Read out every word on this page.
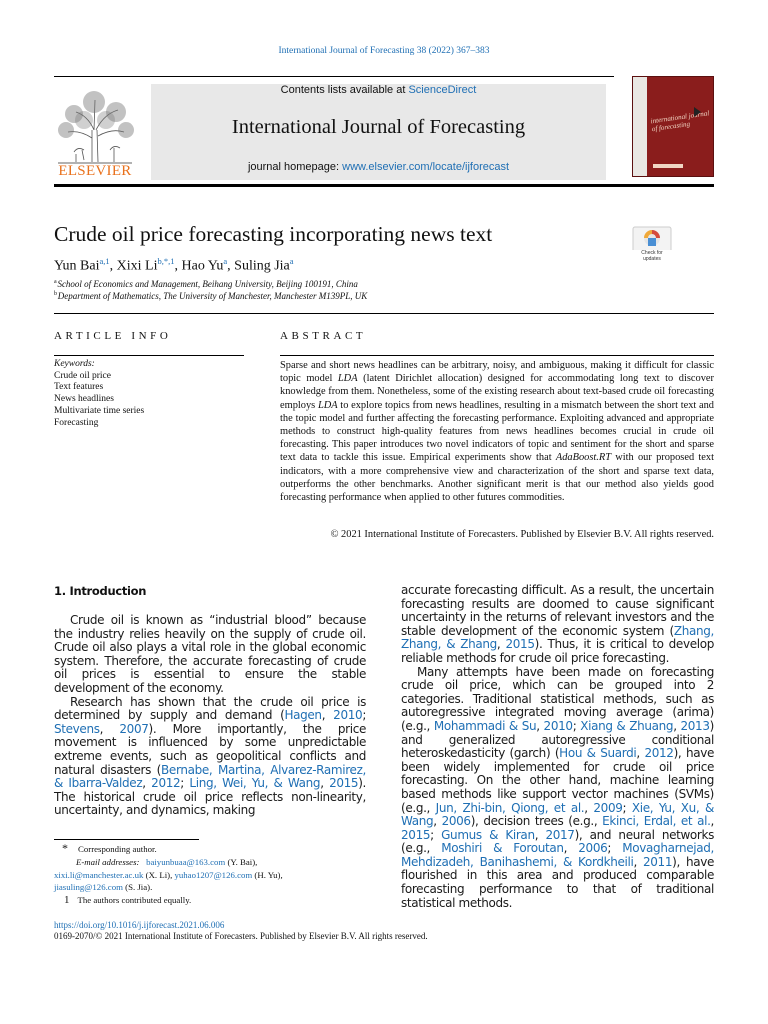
International Journal of Forecasting 38 (2022) 367–383
ELSEVIER
Contents lists available at ScienceDirect
International Journal of Forecasting
journal homepage: www.elsevier.com/locate/ijforecast
international journal of forecasting
Crude oil price forecasting incorporating news text
Check for updates
Yun Bai$^{a,1}$, Xixi $Li^{b,*,1}$, Hao Yu$^a$, Suling Jia$^a$
$^a$ School of Economics and Management, Beihang University, Beijing 100191, China
$^b$ Department of Mathematics, The University of Manchester, Manchester M139PL, UK
ARTICLE INFO	ABSTRACT
Keywords:
Crude oil price
Text features
News headlines
Multivariate time series
Forecasting
Sparse and short news headlines can be arbitrary, noisy, and ambiguous, making it difficult for classic topic model LDA (latent Dirichlet allocation) designed for accommodating long text to discover knowledge from them. Nonetheless, some of the existing research about text-based crude oil forecasting employs LDA to explore topics from news headlines, resulting in a mismatch between the short text and the topic model and further affecting the forecasting performance. Exploiting advanced and appropriate methods to construct high-quality features from news headlines becomes crucial in crude oil forecasting. This paper introduces two novel indicators of topic and sentiment for the short and sparse text data to tackle this issue. Empirical experiments show that AdaBoost.RT with our proposed text indicators, with a more comprehensive view and characterization of the short and sparse text data, outperforms the other benchmarks. Another significant merit is that our method also yields good forecasting performance when applied to other futures commodities.
© 2021 International Institute of Forecasters. Published by Elsevier B.V. All rights reserved.
1. Introduction

Crude oil is known as “industrial blood” because the industry relies heavily on the supply of crude oil. Crude oil also plays a vital role in the global economic system. Therefore, the accurate forecasting of crude oil prices is essential to ensure the stable development of the economy.

Research has shown that the crude oil price is determined by supply and demand (Hagen, 2010; Stevens, 2007). More importantly, the price movement is influenced by some unpredictable extreme events, such as geopolitical conflicts and natural disasters (Bernabe, Martina, Alvarez-Ramirez, & Ibarra-Valdez, 2012; Ling, Wei, Yu, & Wang, 2015). The historical crude oil price reflects non-linearity, uncertainty, and dynamics, making

accurate forecasting difficult. As a result, the uncertain forecasting results are doomed to cause significant uncertainty in the returns of relevant investors and the stable development of the economic system (Zhang, Zhang, & Zhang, 2015). Thus, it is critical to develop reliable methods for crude oil price forecasting.

Many attempts have been made on forecasting crude oil price, which can be grouped into 2 categories. Traditional statistical methods, such as autoregressive integrated moving average (arima) (e.g., Mohammadi & Su, 2010; Xiang & Zhuang, 2013) and generalized autoregressive conditional heteroskedasticity (garch) (Hou & Suardi, 2012), have been widely implemented for crude oil price forecasting. On the other hand, machine learning based methods like support vector machines (SVMs) (e.g., Jun, Zhi-bin, Qiong, et al., 2009; Xie, Yu, Xu, & Wang, 2006), decision trees (e.g., Ekinci, Erdal, et al., 2015; Gumus & Kiran, 2017), and neural networks (e.g., Moshiri & Foroutan, 2006; Movagharnejad, Mehdizadeh, Banihashemi, & Kordkheili, 2011), have flourished in this area and produced comparable forecasting performance to that of traditional statistical methods.

* Corresponding author.
E-mail addresses: baiyunbuaa@163.com (Y. Bai),
xixi.li@manchester.ac.uk (X. Li), yuhao1207@126.com (H. Yu),
jiasuling@126.com (S. Jia).
1 The authors contributed equally.
https://doi.org/10.1016/j.ijforecast.2021.06.006
0169-2070/© 2021 International Institute of Forecasters. Published by Elsevier B.V. All rights reserved.
